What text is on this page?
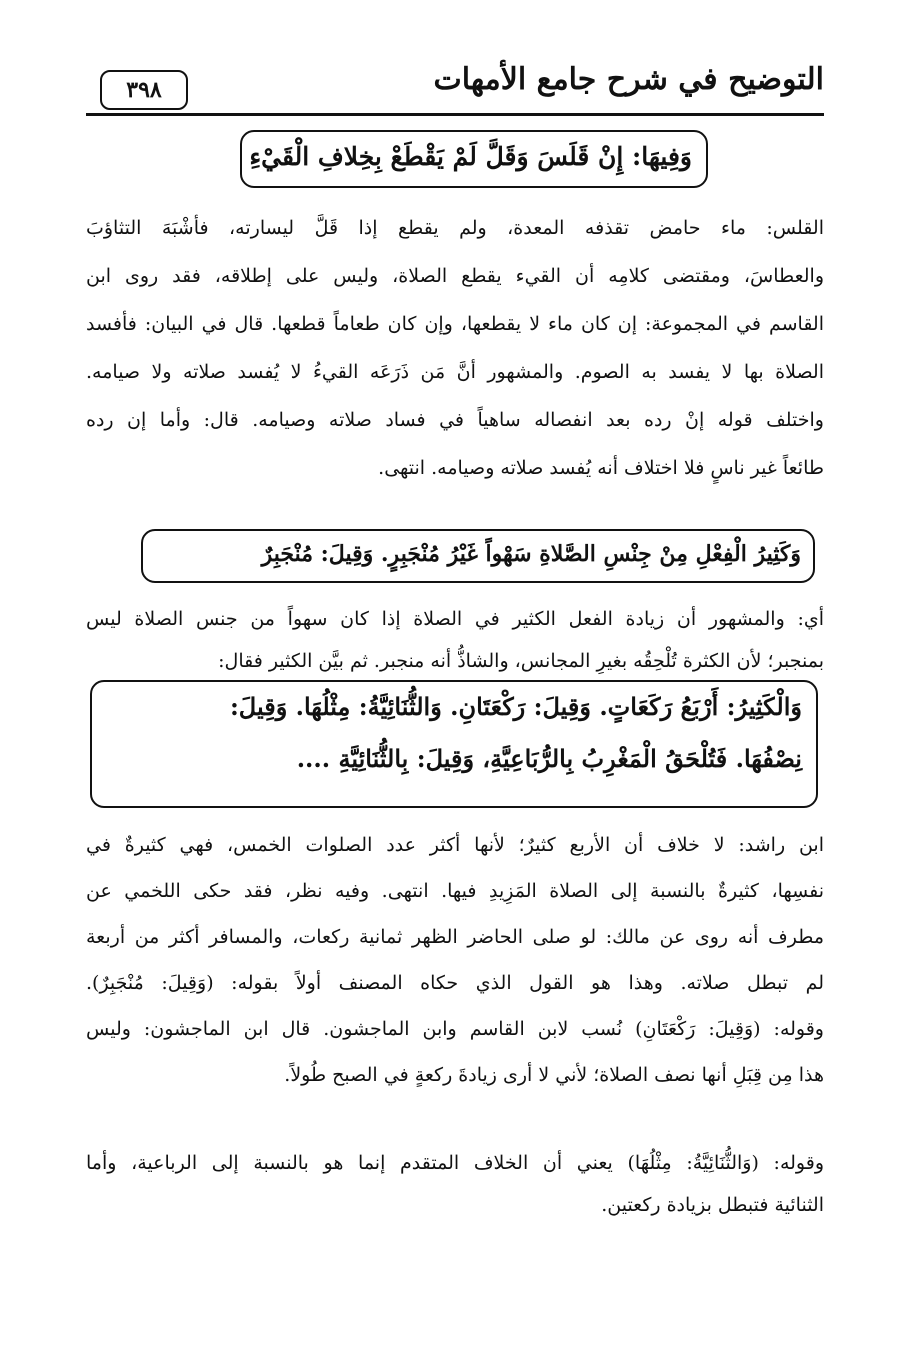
٣٩٨	التوضيح في شرح جامع الأمهات
وَفِيهَا: إِنْ قَلَسَ وَقَلَّ لَمْ يَقْطَعْ بِخِلافِ الْقَيْءِ
القلس: ماء حامض تقذفه المعدة، ولم يقطع إذا قَلَّ ليسارته، فأشْبَهَ التثاؤبَ
والعطاسَ، ومقتضى كلامِه أن القيء يقطع الصلاة، وليس على إطلاقه، فقد روى ابن
القاسم في المجموعة: إن كان ماء لا يقطعها، وإن كان طعاماً قطعها. قال في البيان: فأفسد
الصلاة بها لا يفسد به الصوم. والمشهور أنَّ مَن ذَرَعَه القيءُ لا يُفسد صلاته ولا صيامه.
واختلف قوله إنْ رده بعد انفصاله ساهياً في فساد صلاته وصيامه. قال: وأما إن رده
طائعاً غير ناسٍ فلا اختلاف أنه يُفسد صلاته وصيامه. انتهى.
وَكَثِيرُ الْفِعْلِ مِنْ جِنْسِ الصَّلاةِ سَهْواً غَيْرُ مُنْجَبِرٍ. وَقِيلَ: مُنْجَبِرٌ
أي: والمشهور أن زيادة الفعل الكثير في الصلاة إذا كان سهواً من جنس الصلاة ليس
بمنجبر؛ لأن الكثرة تُلْحِقُه بغيرِ المجانس، والشاذُّ أنه منجبر. ثم بيَّن الكثير فقال:
وَالْكَثِيرُ: أَرْبَعُ رَكَعَاتٍ. وَقِيلَ: رَكْعَتَانِ. وَالثُّنَائِيَّةُ: مِثْلُهَا. وَقِيلَ:
نِصْفُهَا. فَتُلْحَقُ الْمَغْرِبُ بِالرُّبَاعِيَّةِ، وَقِيلَ: بِالثُّنَائِيَّةِ ....
ابن راشد: لا خلاف أن الأربع كثيرٌ؛ لأنها أكثر عدد الصلوات الخمس، فهي كثيرةٌ في
نفسِها، كثيرةٌ بالنسبة إلى الصلاة المَزِيدِ فيها. انتهى. وفيه نظر، فقد حكى اللخمي عن
مطرف أنه روى عن مالك: لو صلى الحاضر الظهر ثمانية ركعات، والمسافر أكثر من أربعة
لم تبطل صلاته. وهذا هو القول الذي حكاه المصنف أولاً بقوله: (وَقِيلَ: مُنْجَبِرٌ).
وقوله: (وَقِيلَ: رَكْعَتَانِ) نُسب لابن القاسم وابن الماجشون. قال ابن الماجشون: وليس
هذا مِن قِبَلِ أنها نصف الصلاة؛ لأني لا أرى زيادةَ ركعةٍ في الصبح طُولاً.
وقوله: (وَالثُّنَائِيَّةُ: مِثْلُهَا) يعني أن الخلاف المتقدم إنما هو بالنسبة إلى الرباعية، وأما
الثنائية فتبطل بزيادة ركعتين.
